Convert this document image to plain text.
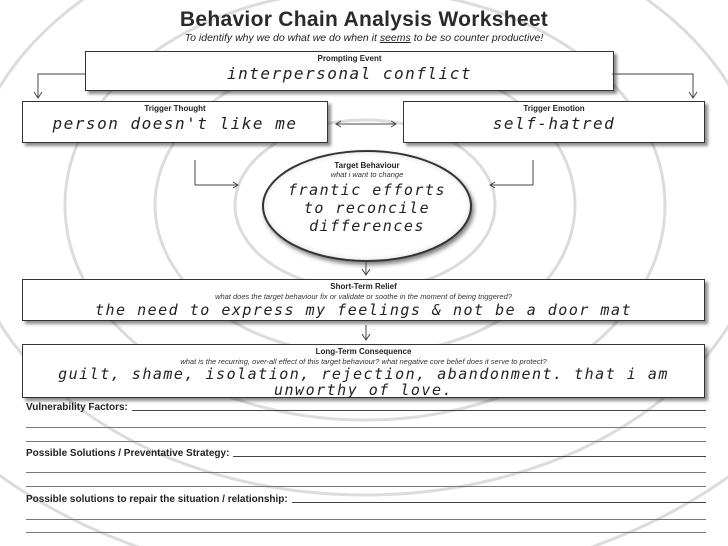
Behavior Chain Analysis Worksheet
To identify why we do what we do when it seems to be so counter productive!
Prompting Event
interpersonal conflict
Trigger Thought
person doesn't like me
Trigger Emotion
self-hatred
Target Behaviour
what i want to change
frantic efforts
to reconcile
differences
Short-Term Relief
what does the target behaviour fix or validate or soothe in the moment of being triggered?
the need to express my feelings & not be a door mat
Long-Term Consequence
what is the recurring, over-all effect of this target behaviour? what negative core belief does it serve to protect?
guilt, shame, isolation, rejection, abandonment. that i am
unworthy of love.
Vulnerability Factors:
Possible Solutions / Preventative Strategy:
Possible solutions to repair the situation / relationship:
